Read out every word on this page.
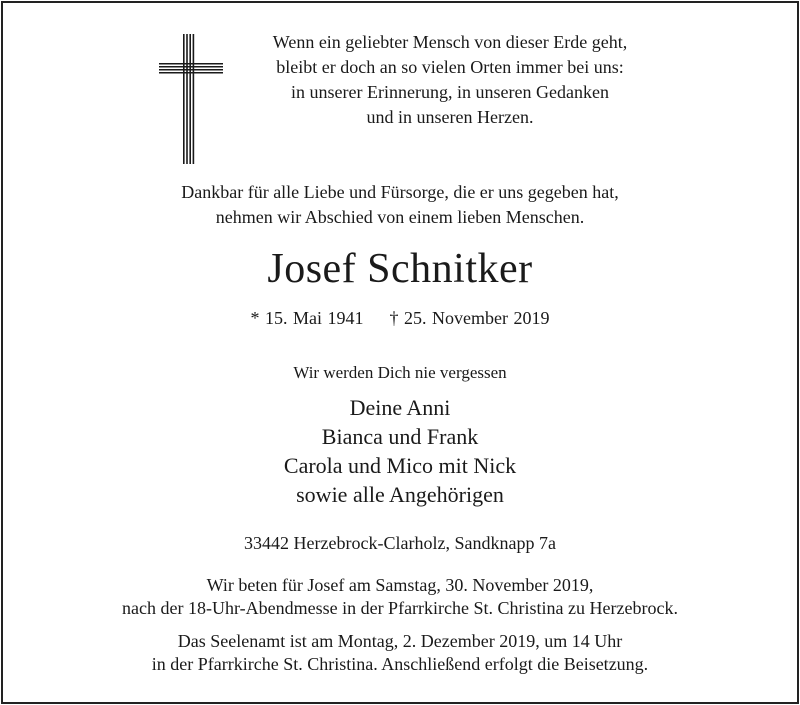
Wenn ein geliebter Mensch von dieser Erde geht,
bleibt er doch an so vielen Orten immer bei uns:
in unserer Erinnerung, in unseren Gedanken
und in unseren Herzen.
Dankbar für alle Liebe und Fürsorge, die er uns gegeben hat,
nehmen wir Abschied von einem lieben Menschen.
Josef Schnitker
* 15. Mai 1941 † 25. November 2019
Wir werden Dich nie vergessen
Deine Anni
Bianca und Frank
Carola und Mico mit Nick
sowie alle Angehörigen
33442 Herzebrock-Clarholz, Sandknapp 7a
Wir beten für Josef am Samstag, 30. November 2019,
nach der 18-Uhr-Abendmesse in der Pfarrkirche St. Christina zu Herzebrock.
Das Seelenamt ist am Montag, 2. Dezember 2019, um 14 Uhr
in der Pfarrkirche St. Christina. Anschließend erfolgt die Beisetzung.
